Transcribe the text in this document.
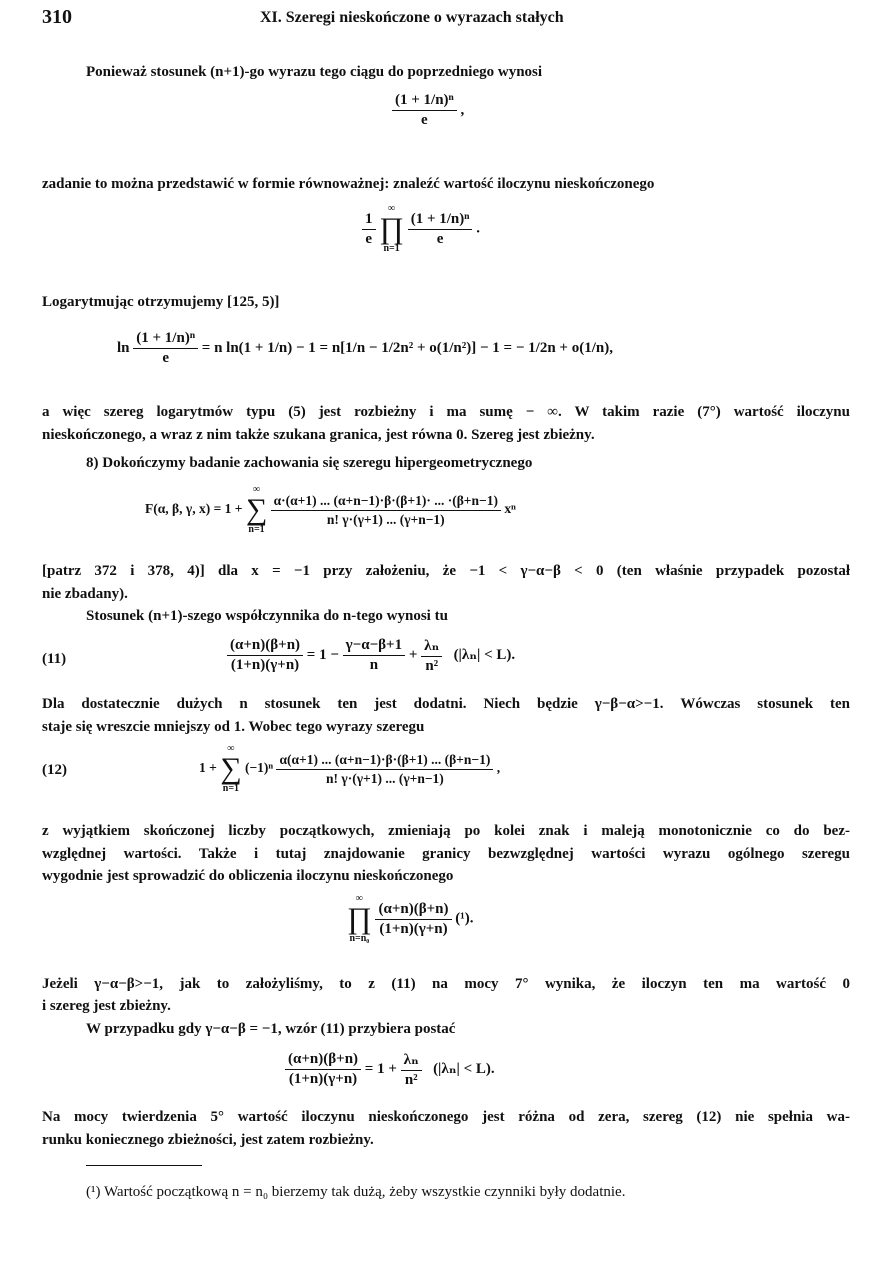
310	XI. Szeregi nieskończone o wyrazach stałych
Ponieważ stosunek (n+1)-go wyrazu tego ciągu do poprzedniego wynosi
$\frac{\text{(1 + 1/n)ⁿ}}{e}$ ,
zadanie to można przedstawić w formie równoważnej: znaleźć wartość iloczynu nieskończonego
$\frac{1}{e}$

∞
∏
n=1

$\frac{\text{(1 + 1/n)ⁿ}}{e}$ .
Logarytmując otrzymujemy [125, 5)]
$\ln \frac{\text{(1 + 1/n)ⁿ}}{e} = n$ ln(1 + 1/n) − 1 = n[1/n − 1/2n² + o(1/n²)] − 1 = − 1/2n + o(1/n),
a więc szereg logarytmów typu (5) jest rozbieżny i ma sumę − ∞. W takim razie (7°) wartość iloczynu
nieskończonego, a wraz z nim także szukana granica, jest równa 0. Szereg jest zbieżny.
8) Dokończymy badanie zachowania się szeregu hipergeometrycznego
F(α, β, γ, x) = 1 +
∞
∑
n=1

$\frac{\alpha\cdot(\alpha+1) ... (\alpha+n-1)\cdot\beta\cdot(\beta+1)\cdot ... \cdot(\beta+n-1)}{n! \gamma\cdot(\gamma+1) ... (\gamma+n-1)}$ xⁿ
[patrz 372 i 378, 4)] dla x = −1 przy założeniu, że −1 < γ−α−β < 0 (ten właśnie przypadek pozostał
nie zbadany).
Stosunek (n+1)-szego współczynnika do n-tego wynosi tu
(11)	$\frac{(\alpha+n)(\beta+n)}{(1+n)(\gamma+n)} = 1 - \frac{\gamma-\alpha-\beta+1}{n} + \frac{\text{λₙ}}{\text{n²}} (|\lambda_n| < L)$.
Dla dostatecznie dużych n stosunek ten jest dodatni. Niech będzie γ−β−α>−1. Wówczas stosunek ten
staje się wreszcie mniejszy od 1. Wobec tego wyrazy szeregu
(12)	1 +
∞
∑
n=1
$(-1)^n \frac{\alpha(\alpha+1) ... (\alpha+n-1)\cdot\beta\cdot(\beta+1) ... (\beta+n-1)}{n! \gamma\cdot(\gamma+1) ... (\gamma+n-1)}$ ,
z wyjątkiem skończonej liczby początkowych, zmieniają po kolei znak i maleją monotonicznie co do bez-
względnej wartości. Także i tutaj znajdowanie granicy bezwzględnej wartości wyrazu ogólnego szeregu
wygodnie jest sprowadzić do obliczenia iloczynu nieskończonego
∞
∏
n=n₀

$\frac{(\alpha+n)(\beta+n)}{(1+n)(\gamma+n)} (^1)$.
Jeżeli γ−α−β>−1, jak to założyliśmy, to z (11) na mocy 7° wynika, że iloczyn ten ma wartość 0
i szereg jest zbieżny.
W przypadku gdy γ−α−β = −1, wzór (11) przybiera postać
$\frac{(\alpha+n)(\beta+n)}{(1+n)(\gamma+n)} = 1 + \frac{\text{λₙ}}{\text{n²}} (|\lambda_n| < L)$.
Na mocy twierdzenia 5° wartość iloczynu nieskończonego jest różna od zera, szereg (12) nie spełnia wa-
runku koniecznego zbieżności, jest zatem rozbieżny.
(¹) Wartość początkową n = n₀ bierzemy tak dużą, żeby wszystkie czynniki były dodatnie.
